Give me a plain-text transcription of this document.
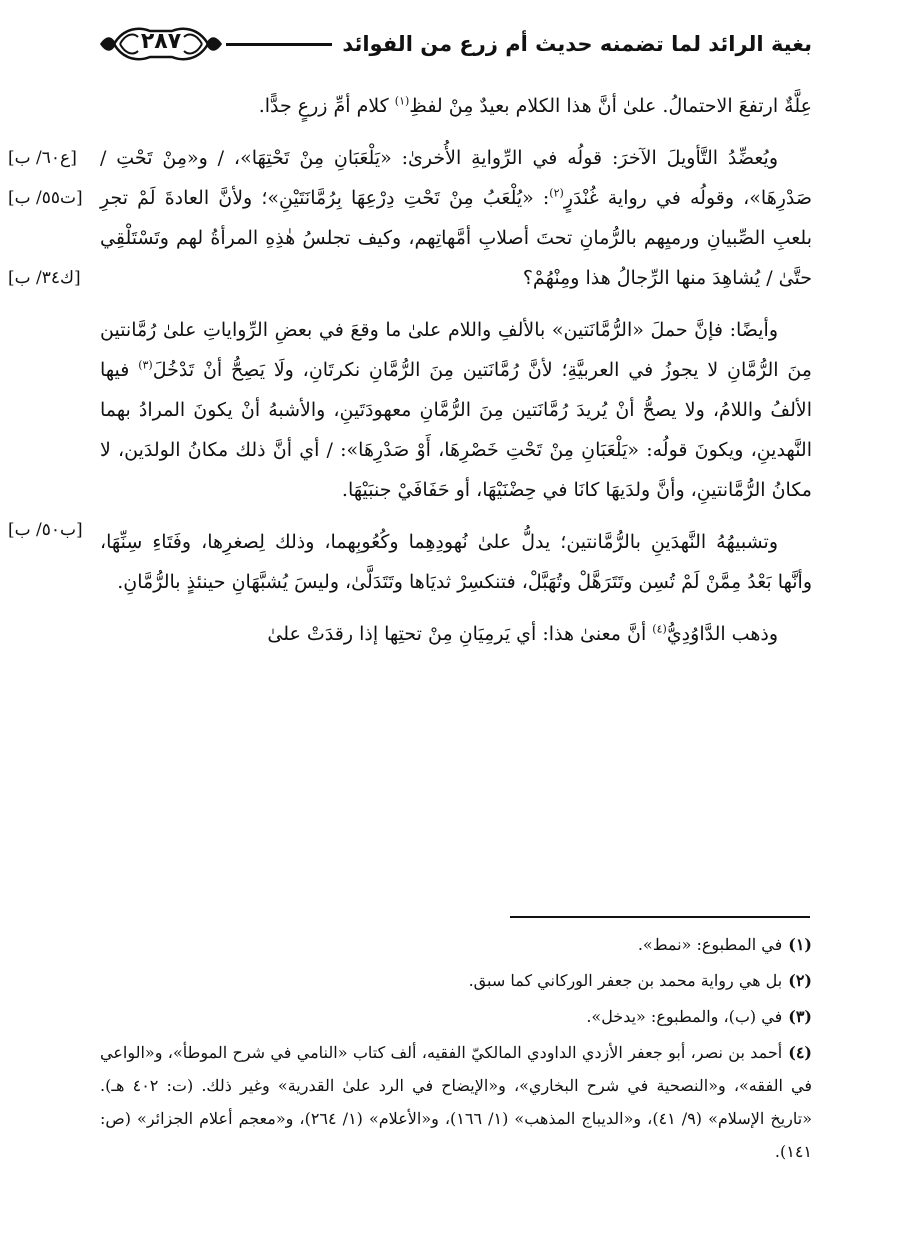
بغية الرائد لما تضمنه حديث أم زرع من الفوائد
٢٨٧

عِلَّةٌ ارتفعَ الاحتمالُ. علىٰ أنَّ هذا الكلام بعيدٌ مِنْ لفظِ$^{(١)}$ كلام أمِّ زرعٍ جدًّا.

[ع٦٠/ ب]
[ت٥٥/ ب]
[ك٣٤/ ب]

ويُعضِّدُ التَّأويلَ الآخرَ: قولُه في الرِّوايةِ الأُخرىٰ: «يَلْعَبَانِ مِنْ تَحْتِهَا»، / و«مِنْ تَحْتِ / صَدْرِهَا»، وقولُه في رواية غُنْدَرٍ$^{(٢)}$: «يُلْعَبُ مِنْ تَحْتِ دِرْعِهَا بِرُمَّانَتَيْنِ»؛ ولأنَّ العادةَ لَمْ تجرِ بلعبِ الصِّبيانِ ورميِهم بالرُّمانِ تحتَ أصلابِ أمَّهاتِهم، وكيف تجلسُ هٰذِهِ المرأةُ لهم وتَسْتَلْقِي حتَّىٰ / يُشاهِدَ منها الرِّجالُ هذا ومِنْهُمْ؟

[ب٥٠/ ب]

وأيضًا: فإنَّ حملَ «الرُّمَّانَتين» بالألفِ واللام علىٰ ما وقعَ في بعضِ الرِّواياتِ علىٰ رُمَّانتين مِنَ الرُّمَّانِ لا يجوزُ في العربيَّةِ؛ لأنَّ رُمَّانَتين مِنَ الرُّمَّانِ نكرتَانِ، ولَا يَصِحُّ أنْ تَدْخُلَ$^{(٣)}$ فيها الألفُ واللامُ، ولا يصحُّ أنْ يُريدَ رُمَّانَتين مِنَ الرُّمَّانِ معهودَتَينِ، والأشبهُ أنْ يكونَ المرادُ بهما النَّهدينِ، ويكونَ قولُه: «يَلْعَبَانِ مِنْ تَحْتِ خَصْرِهَا، أَوْ صَدْرِهَا»: / أي أنَّ ذلك مكانُ الولدَين، لا مكانُ الرُّمَّانتينِ، وأنَّ ولدَيهَا كانَا في حِضْنَيْهَا، أو حَفَافَيْ جنبَيْهَا.

وتشبيهُهُ النَّهدَينِ بالرُّمَّانتين؛ يدلُّ علىٰ نُهودِهِما وكُعُوبِهما، وذلك لِصغرِها، وفَتَاءِ سِنِّهَا، وأنَّها بَعْدُ مِمَّنْ لَمْ تُسِن وتَتَرَهَّلْ وتُهَبَّلْ، فتنكسِرْ ثديَاها وتَتَدَلَّىٰ، وليسَ يُشبَّهَانِ حينئذٍ بالرُّمَّانِ.

وذهب الدَّاوُدِيُّ$^{(٤)}$ أنَّ معنىٰ هذا: أي يَرمِيَانِ مِنْ تحتِها إذا رقدَتْ علىٰ

(١)في المطبوع: «نمط».

(٢)بل هي رواية محمد بن جعفر الوركاني كما سبق.

(٣)في (ب)، والمطبوع: «يدخل».

(٤)أحمد بن نصر، أبو جعفر الأزدي الداودي المالكيّ الفقيه، ألف كتاب «النامي في شرح الموطأ»، و«الواعي في الفقه»، و«النصحية في شرح البخاري»، و«الإيضاح في الرد علىٰ القدرية» وغير ذلك. (ت: ٤٠٢ هـ). «تاريخ الإسلام» (٩/ ٤١)، و«الديباج المذهب» (١/ ١٦٦)، و«الأعلام» (١/ ٢٦٤)، و«معجم أعلام الجزائر» (ص: ١٤١).
